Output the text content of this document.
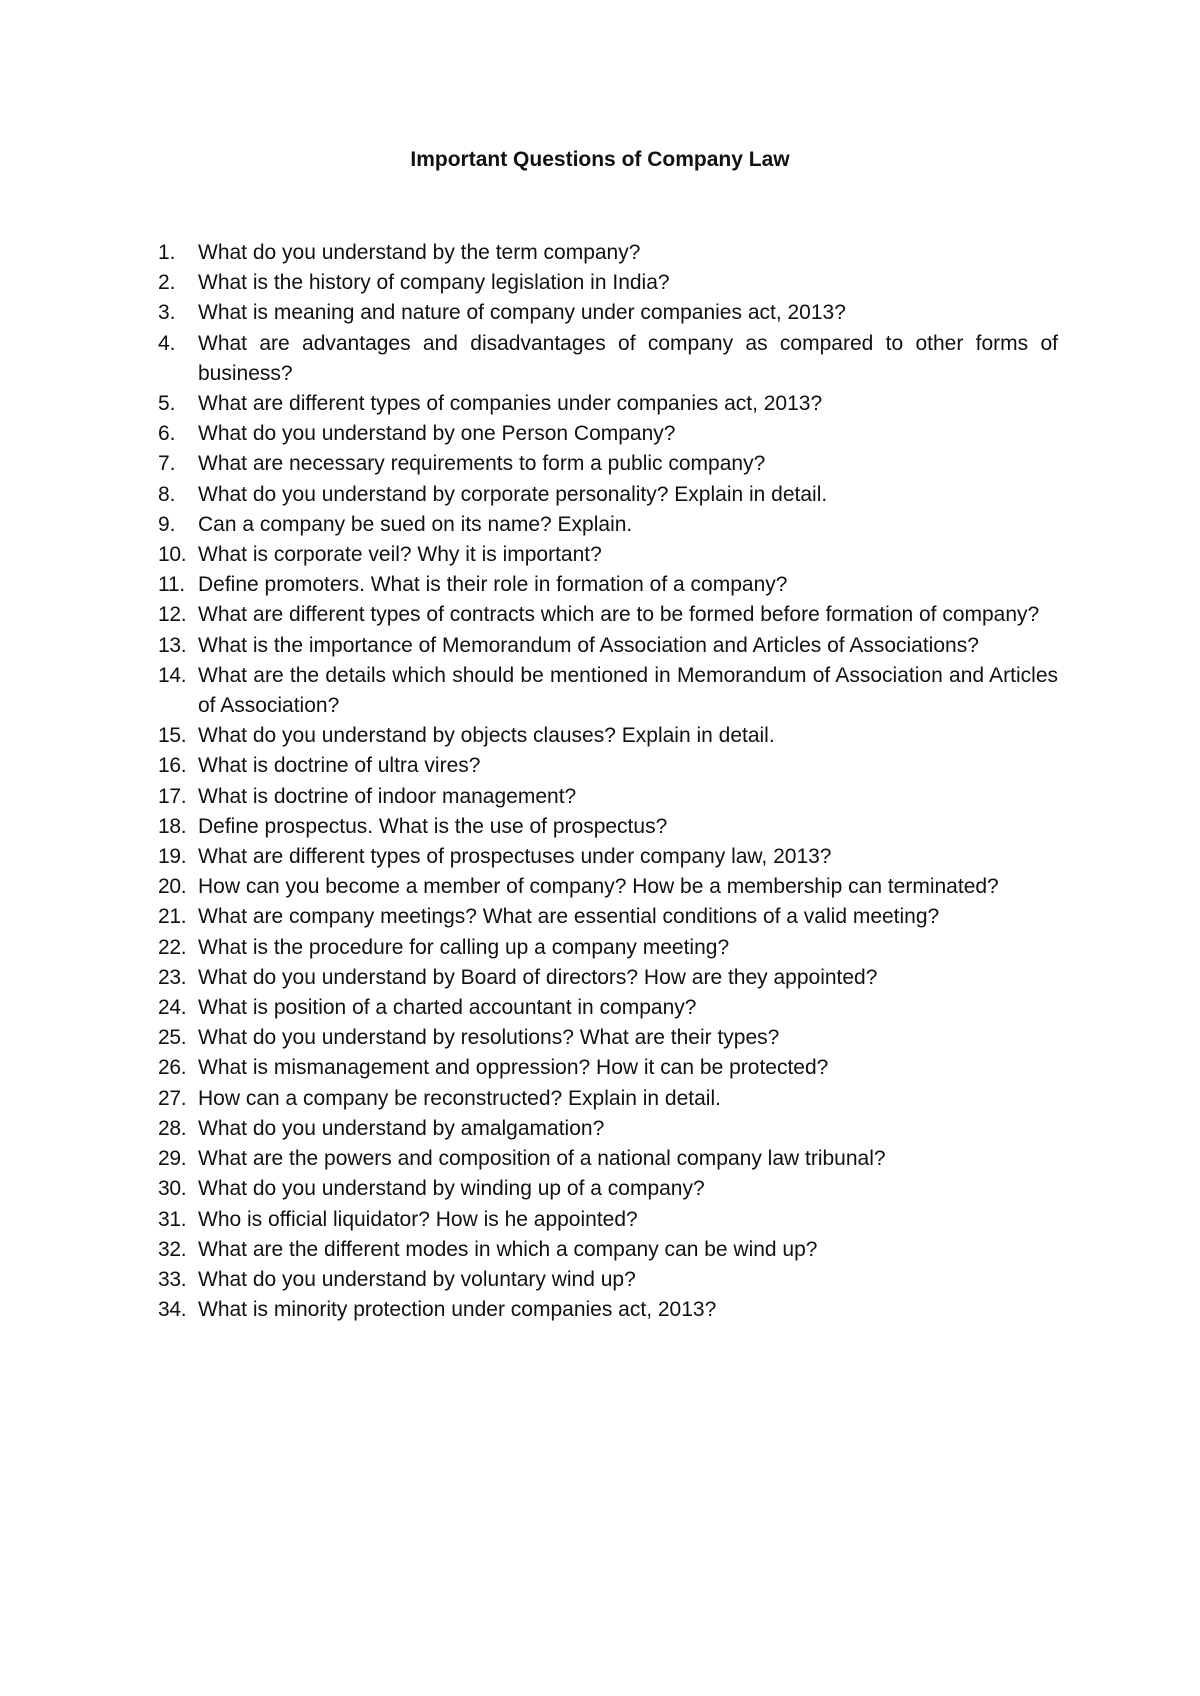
Important Questions of Company Law
1.	What do you understand by the term company?
2.	What is the history of company legislation in India?
3.	What is meaning and nature of company under companies act, 2013?
4.	What are advantages and disadvantages of company as compared to other forms of business?
5.	What are different types of companies under companies act, 2013?
6.	What do you understand by one Person Company?
7.	What are necessary requirements to form a public company?
8.	What do you understand by corporate personality? Explain in detail.
9.	Can a company be sued on its name? Explain.
10. What is corporate veil? Why it is important?
11. Define promoters. What is their role in formation of a company?
12. What are different types of contracts which are to be formed before formation of company?
13. What is the importance of Memorandum of Association and Articles of Associations?
14. What are the details which should be mentioned in Memorandum of Association and Articles of Association?
15. What do you understand by objects clauses? Explain in detail.
16. What is doctrine of ultra vires?
17. What is doctrine of indoor management?
18. Define prospectus. What is the use of prospectus?
19. What are different types of prospectuses under company law, 2013?
20. How can you become a member of company? How be a membership can terminated?
21. What are company meetings? What are essential conditions of a valid meeting?
22. What is the procedure for calling up a company meeting?
23. What do you understand by Board of directors? How are they appointed?
24. What is position of a charted accountant in company?
25. What do you understand by resolutions? What are their types?
26. What is mismanagement and oppression? How it can be protected?
27. How can a company be reconstructed? Explain in detail.
28. What do you understand by amalgamation?
29. What are the powers and composition of a national company law tribunal?
30. What do you understand by winding up of a company?
31. Who is official liquidator? How is he appointed?
32. What are the different modes in which a company can be wind up?
33. What do you understand by voluntary wind up?
34. What is minority protection under companies act, 2013?
